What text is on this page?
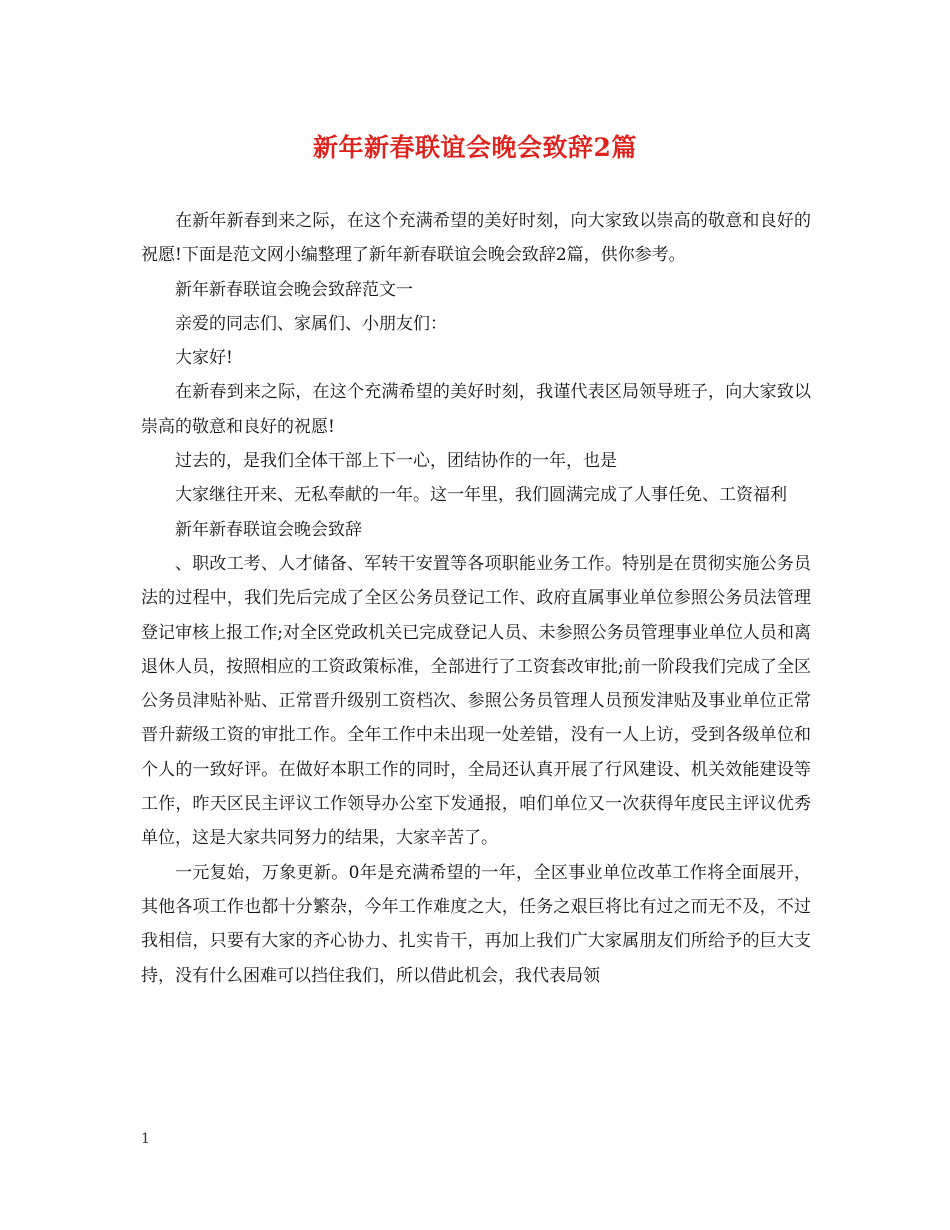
新年新春联谊会晚会致辞2篇

在新年新春到来之际，在这个充满希望的美好时刻，向大家致以崇高的敬意和良好的祝愿!下面是范文网小编整理了新年新春联谊会晚会致辞2篇，供你参考。

新年新春联谊会晚会致辞范文一

亲爱的同志们、家属们、小朋友们：

大家好!

在新春到来之际，在这个充满希望的美好时刻，我谨代表区局领导班子，向大家致以崇高的敬意和良好的祝愿!

过去的，是我们全体干部上下一心，团结协作的一年，也是

大家继往开来、无私奉献的一年。这一年里，我们圆满完成了人事任免、工资福利

新年新春联谊会晚会致辞

、职改工考、人才储备、军转干安置等各项职能业务工作。特别是在贯彻实施公务员法的过程中，我们先后完成了全区公务员登记工作、政府直属事业单位参照公务员法管理登记审核上报工作;对全区党政机关已完成登记人员、未参照公务员管理事业单位人员和离退休人员，按照相应的工资政策标准，全部进行了工资套改审批;前一阶段我们完成了全区公务员津贴补贴、正常晋升级别工资档次、参照公务员管理人员预发津贴及事业单位正常晋升薪级工资的审批工作。全年工作中未出现一处差错，没有一人上访，受到各级单位和个人的一致好评。在做好本职工作的同时，全局还认真开展了行风建设、机关效能建设等工作，昨天区民主评议工作领导办公室下发通报，咱们单位又一次获得年度民主评议优秀单位，这是大家共同努力的结果，大家辛苦了。

一元复始，万象更新。0年是充满希望的一年，全区事业单位改革工作将全面展开，其他各项工作也都十分繁杂，今年工作难度之大，任务之艰巨将比有过之而无不及，不过我相信，只要有大家的齐心协力、扎实肯干，再加上我们广大家属朋友们所给予的巨大支持，没有什么困难可以挡住我们，所以借此机会，我代表局领

1
